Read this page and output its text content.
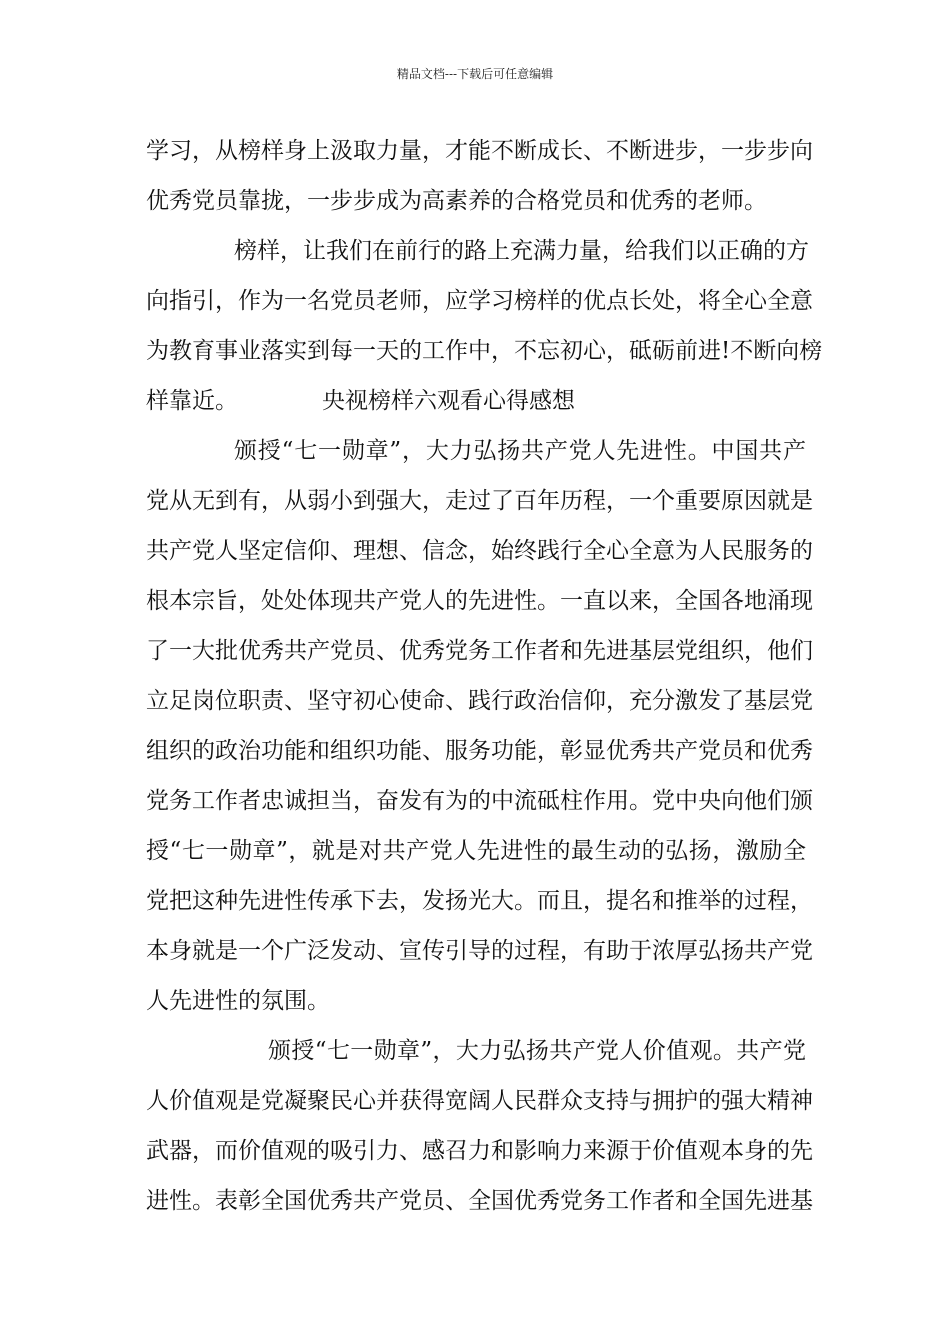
精品文档---下载后可任意编辑
学习，从榜样身上汲取力量，才能不断成长、不断进步，一步步向
优秀党员靠拢，一步步成为高素养的合格党员和优秀的老师。
榜样，让我们在前行的路上充满力量，给我们以正确的方
向指引，作为一名党员老师，应学习榜样的优点长处，将全心全意
为教育事业落实到每一天的工作中，不忘初心，砥砺前进!不断向榜
样靠近。	央视榜样六观看心得感想
颁授“七一勋章”，大力弘扬共产党人先进性。中国共产
党从无到有，从弱小到强大，走过了百年历程，一个重要原因就是
共产党人坚定信仰、理想、信念，始终践行全心全意为人民服务的
根本宗旨，处处体现共产党人的先进性。一直以来，全国各地涌现
了一大批优秀共产党员、优秀党务工作者和先进基层党组织，他们
立足岗位职责、坚守初心使命、践行政治信仰，充分激发了基层党
组织的政治功能和组织功能、服务功能，彰显优秀共产党员和优秀
党务工作者忠诚担当，奋发有为的中流砥柱作用。党中央向他们颁
授“七一勋章”，就是对共产党人先进性的最生动的弘扬，激励全
党把这种先进性传承下去，发扬光大。而且，提名和推举的过程，
本身就是一个广泛发动、宣传引导的过程，有助于浓厚弘扬共产党
人先进性的氛围。
颁授“七一勋章”，大力弘扬共产党人价值观。共产党
人价值观是党凝聚民心并获得宽阔人民群众支持与拥护的强大精神
武器，而价值观的吸引力、感召力和影响力来源于价值观本身的先
进性。表彰全国优秀共产党员、全国优秀党务工作者和全国先进基
